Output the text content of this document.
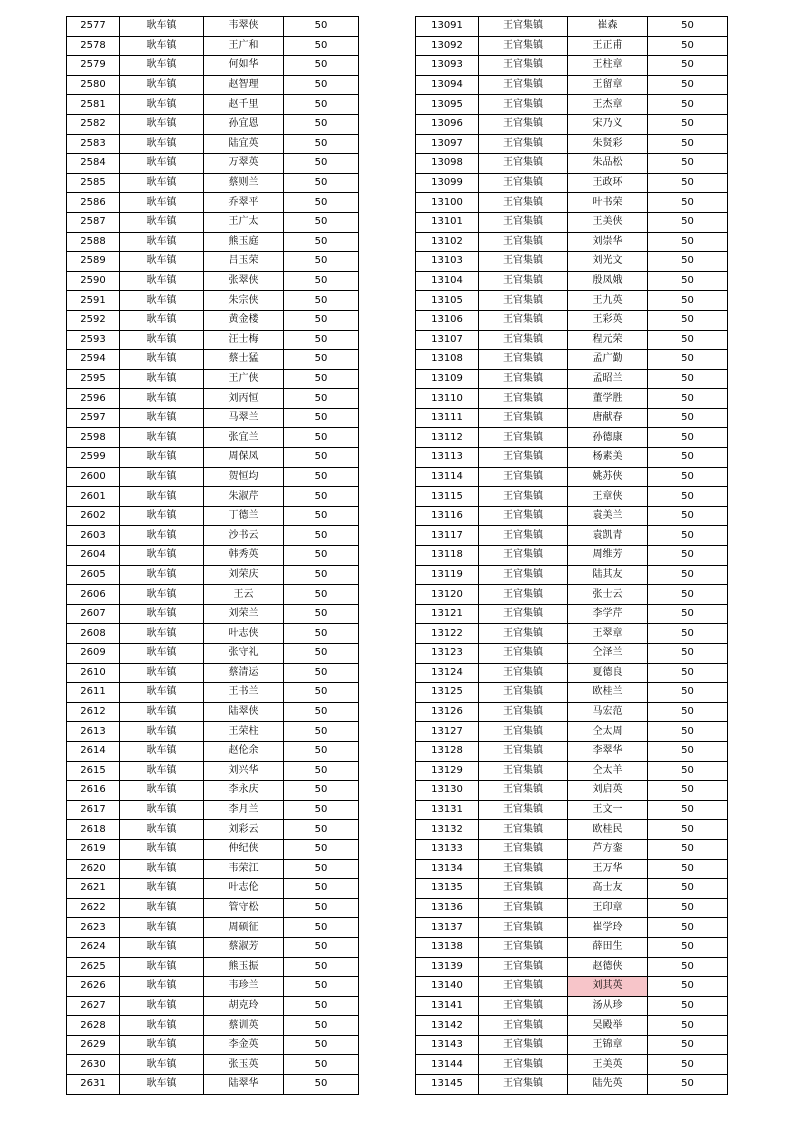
2577	耿车镇	韦翠侠	50
2578	耿车镇	王广和	50
2579	耿车镇	何如华	50
2580	耿车镇	赵智理	50
2581	耿车镇	赵千里	50
2582	耿车镇	孙宜恩	50
2583	耿车镇	陆宜英	50
2584	耿车镇	万翠英	50
2585	耿车镇	蔡则兰	50
2586	耿车镇	乔翠平	50
2587	耿车镇	王广太	50
2588	耿车镇	熊玉庭	50
2589	耿车镇	吕玉荣	50
2590	耿车镇	张翠侠	50
2591	耿车镇	朱宗侠	50
2592	耿车镇	黄金楼	50
2593	耿车镇	汪士梅	50
2594	耿车镇	蔡士猛	50
2595	耿车镇	王广侠	50
2596	耿车镇	刘丙恒	50
2597	耿车镇	马翠兰	50
2598	耿车镇	张宜兰	50
2599	耿车镇	周保凤	50
2600	耿车镇	贺恒均	50
2601	耿车镇	朱淑芹	50
2602	耿车镇	丁德兰	50
2603	耿车镇	沙书云	50
2604	耿车镇	韩秀英	50
2605	耿车镇	刘荣庆	50
2606	耿车镇	王云	50
2607	耿车镇	刘荣兰	50
2608	耿车镇	叶志侠	50
2609	耿车镇	张守礼	50
2610	耿车镇	蔡清运	50
2611	耿车镇	王书兰	50
2612	耿车镇	陆翠侠	50
2613	耿车镇	王荣柱	50
2614	耿车镇	赵伦余	50
2615	耿车镇	刘兴华	50
2616	耿车镇	李永庆	50
2617	耿车镇	李月兰	50
2618	耿车镇	刘彩云	50
2619	耿车镇	仲纪侠	50
2620	耿车镇	韦荣江	50
2621	耿车镇	叶志伦	50
2622	耿车镇	管守松	50
2623	耿车镇	周硕征	50
2624	耿车镇	蔡淑芳	50
2625	耿车镇	熊玉振	50
2626	耿车镇	韦珍兰	50
2627	耿车镇	胡克玲	50
2628	耿车镇	蔡训英	50
2629	耿车镇	李金英	50
2630	耿车镇	张玉英	50
2631	耿车镇	陆翠华	50
13091	王官集镇	崔森	50
13092	王官集镇	王正甫	50
13093	王官集镇	王柱章	50
13094	王官集镇	王留章	50
13095	王官集镇	王杰章	50
13096	王官集镇	宋乃义	50
13097	王官集镇	朱贤彩	50
13098	王官集镇	朱品松	50
13099	王官集镇	王政环	50
13100	王官集镇	叶书荣	50
13101	王官集镇	王美侠	50
13102	王官集镇	刘崇华	50
13103	王官集镇	刘光文	50
13104	王官集镇	殷凤娥	50
13105	王官集镇	王九英	50
13106	王官集镇	王彩英	50
13107	王官集镇	程元荣	50
13108	王官集镇	孟广勤	50
13109	王官集镇	孟昭兰	50
13110	王官集镇	董学胜	50
13111	王官集镇	唐献春	50
13112	王官集镇	孙德康	50
13113	王官集镇	杨素美	50
13114	王官集镇	姚苏侠	50
13115	王官集镇	王章侠	50
13116	王官集镇	袁美兰	50
13117	王官集镇	袁凯青	50
13118	王官集镇	周维芳	50
13119	王官集镇	陆其友	50
13120	王官集镇	张士云	50
13121	王官集镇	李学芹	50
13122	王官集镇	王翠章	50
13123	王官集镇	仝泽兰	50
13124	王官集镇	夏德良	50
13125	王官集镇	欧桂兰	50
13126	王官集镇	马宏范	50
13127	王官集镇	仝太周	50
13128	王官集镇	李翠华	50
13129	王官集镇	仝太羊	50
13130	王官集镇	刘启英	50
13131	王官集镇	王文一	50
13132	王官集镇	欧桂民	50
13133	王官集镇	芦方銮	50
13134	王官集镇	王万华	50
13135	王官集镇	高士友	50
13136	王官集镇	王印章	50
13137	王官集镇	崔学玲	50
13138	王官集镇	薛田生	50
13139	王官集镇	赵德侠	50
13140	王官集镇	刘其英	50
13141	王官集镇	汤从珍	50
13142	王官集镇	吴殿举	50
13143	王官集镇	王锦章	50
13144	王官集镇	王美英	50
13145	王官集镇	陆先英	50
